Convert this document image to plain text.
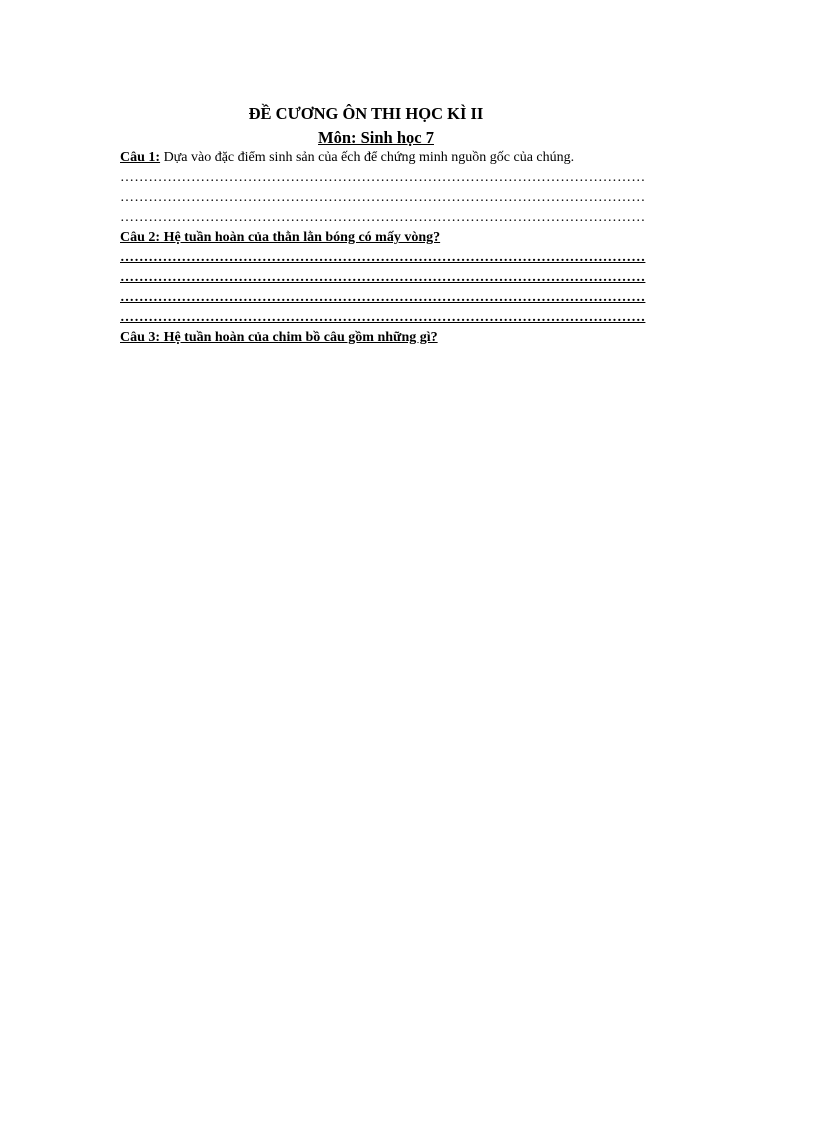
ĐỀ CƯƠNG ÔN THI HỌC KÌ II
Môn: Sinh học 7
Câu 1: Dựa vào đặc điểm sinh sản của ếch để chứng minh nguồn gốc của chúng.
…………………………………………………………………………………………………
…………………………………………………………………………………………………
…………………………………………………………………………………………………
Câu 2: Hệ tuần hoàn của thằn lằn bóng có mấy vòng?
…………………………………………………………………………………………………
…………………………………………………………………………………………………
…………………………………………………………………………………………………
…………………………………………………………………………………………………
Câu 3: Hệ tuần hoàn của chim bồ câu gồm những gì?
